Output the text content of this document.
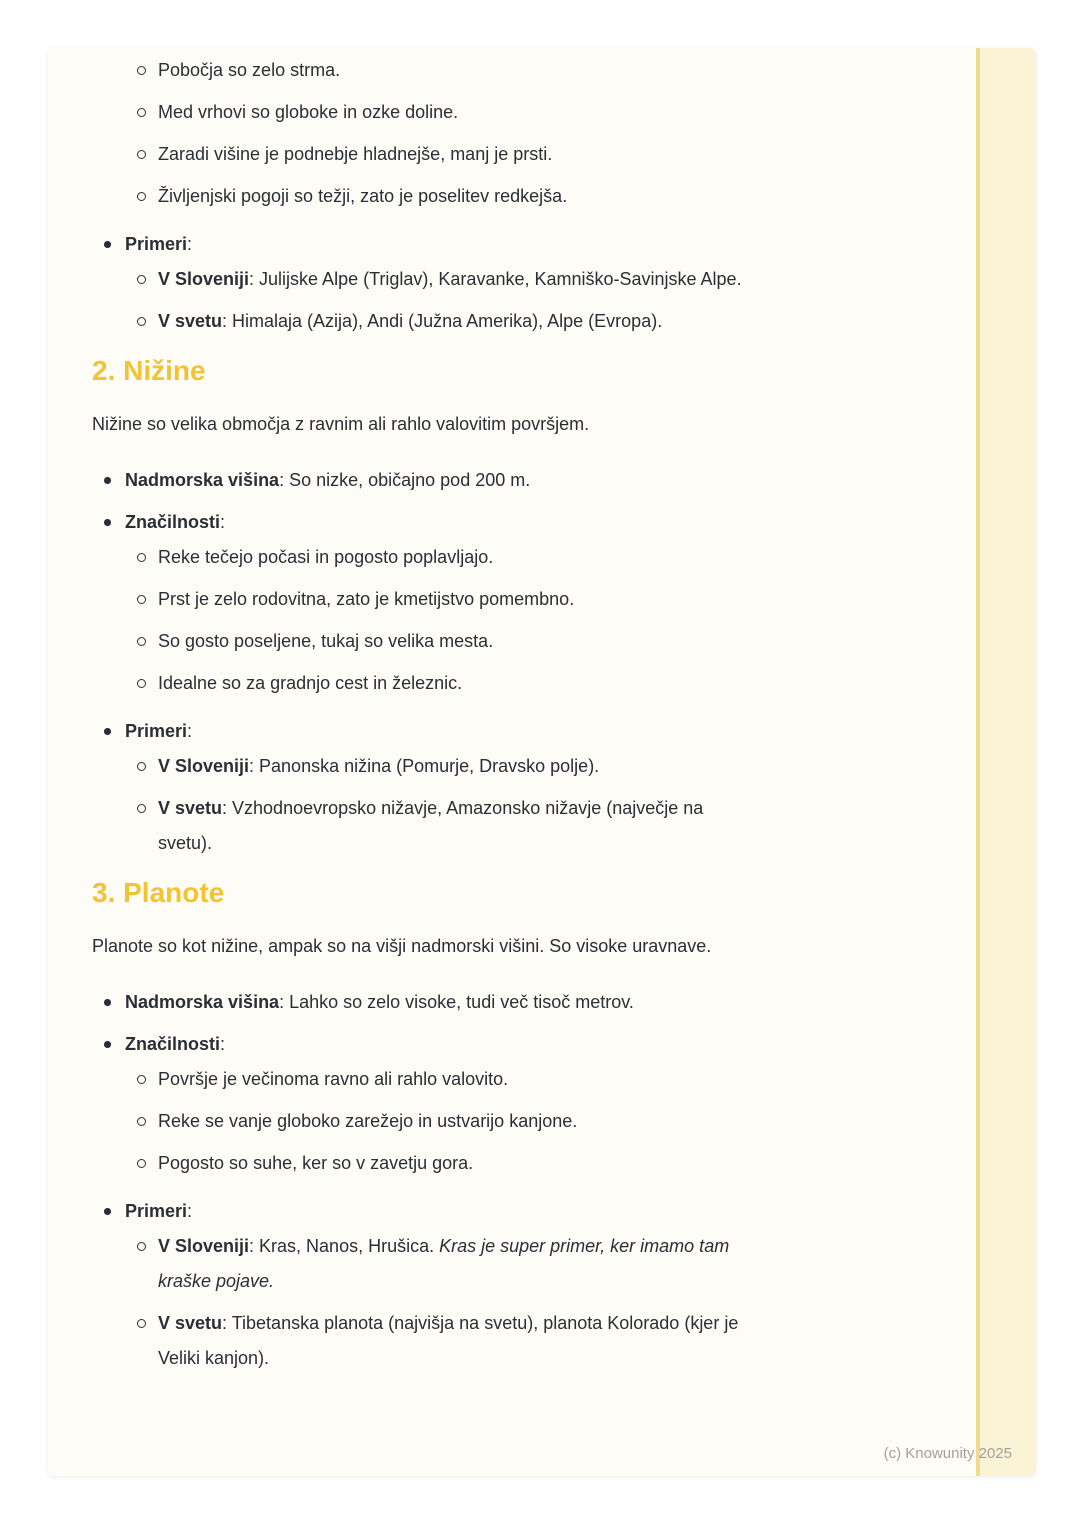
Pobočja so zelo strma.
Med vrhovi so globoke in ozke doline.
Zaradi višine je podnebje hladnejše, manj je prsti.
Življenjski pogoji so težji, zato je poselitev redkejša.
Primeri:
V Sloveniji: Julijske Alpe (Triglav), Karavanke, Kamniško-Savinjske Alpe.
V svetu: Himalaja (Azija), Andi (Južna Amerika), Alpe (Evropa).
2. Nižine

Nižine so velika območja z ravnim ali rahlo valovitim površjem.

Nadmorska višina: So nizke, običajno pod 200 m.
Značilnosti:
Reke tečejo počasi in pogosto poplavljajo.
Prst je zelo rodovitna, zato je kmetijstvo pomembno.
So gosto poseljene, tukaj so velika mesta.
Idealne so za gradnjo cest in železnic.
Primeri:
V Sloveniji: Panonska nižina (Pomurje, Dravsko polje).
V svetu: Vzhodnoevropsko nižavje, Amazonsko nižavje (največje na svetu).
3. Planote

Planote so kot nižine, ampak so na višji nadmorski višini. So visoke uravnave.

Nadmorska višina: Lahko so zelo visoke, tudi več tisoč metrov.
Značilnosti:
Površje je večinoma ravno ali rahlo valovito.
Reke se vanje globoko zarežejo in ustvarijo kanjone.
Pogosto so suhe, ker so v zavetju gora.
Primeri:
V Sloveniji: Kras, Nanos, Hrušica. Kras je super primer, ker imamo tam kraške pojave.
V svetu: Tibetanska planota (najvišja na svetu), planota Kolorado (kjer je Veliki kanjon).
(c) Knowunity 2025
